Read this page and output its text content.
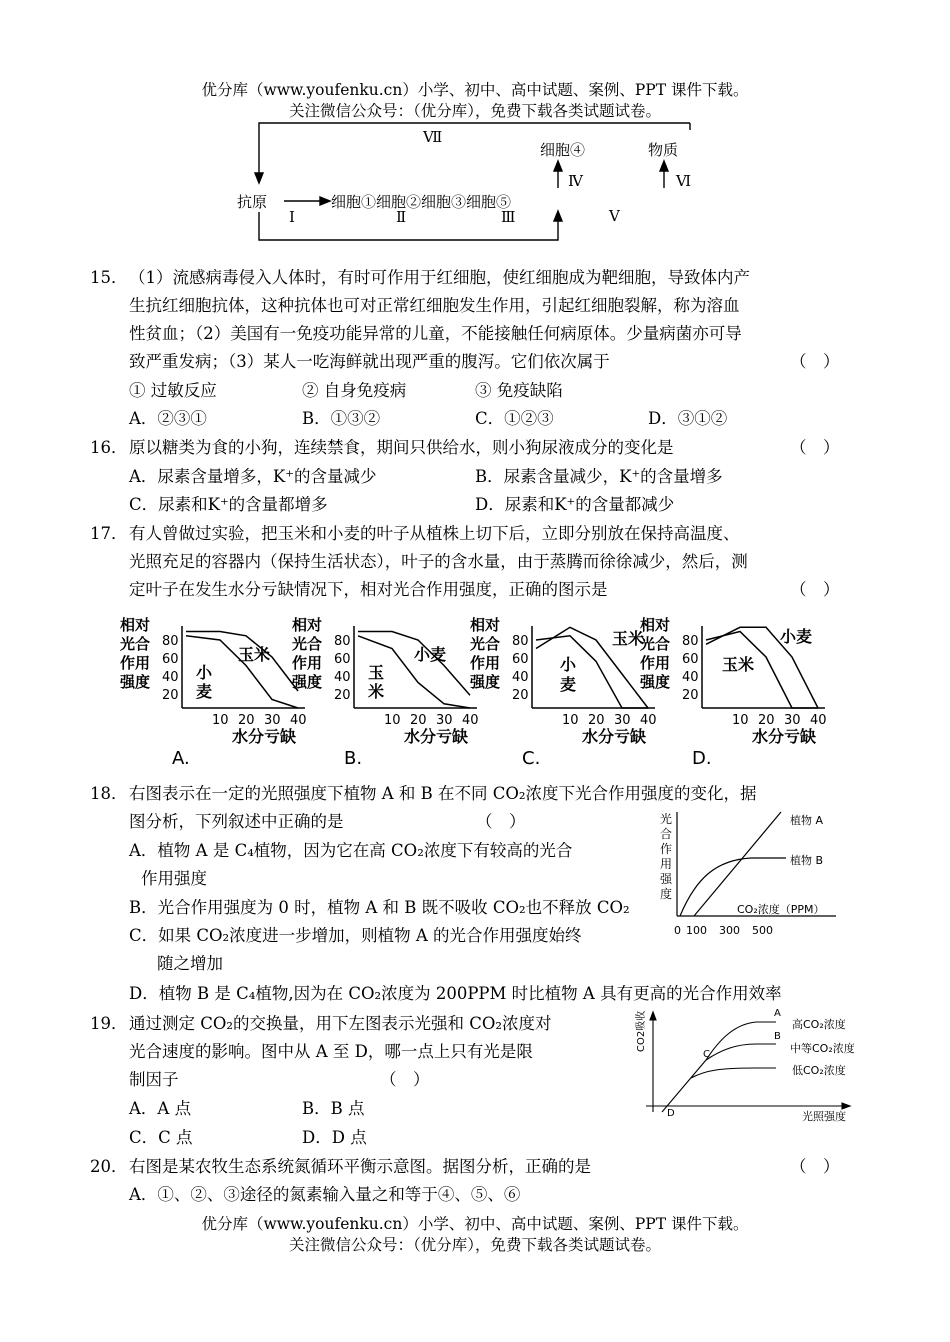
优分库（www.youfenku.cn）小学、初中、高中试题、案例、PPT 课件下载。
关注微信公众号：（优分库），免费下载各类试题试卷。
抗原	细胞①细胞②细胞③细胞⑤
细胞④	物质
Ⅶ
Ⅰ	Ⅱ	Ⅲ
Ⅳ
Ⅴ
Ⅵ
15． （1）流感病毒侵入人体时，有时可作用于红细胞，使红细胞成为靶细胞，导致体内产
生抗红细胞抗体，这种抗体也可对正常红细胞发生作用，引起红细胞裂解，称为溶血
性贫血；（2）美国有一免疫功能异常的儿童，不能接触任何病原体。少量病菌亦可导
致严重发病；（3）某人一吃海鲜就出现严重的腹泻。它们依次属于	（　）
① 过敏反应	② 自身免疫病	③ 免疫缺陷
A．②③①	B．①③②	C．①②③	D．③①②
16． 原以糖类为食的小狗，连续禁食，期间只供给水，则小狗尿液成分的变化是	（　）
A．尿素含量增多，K⁺的含量减少	B．尿素含量减少，K⁺的含量增多
C．尿素和K⁺的含量都增多	D．尿素和K⁺的含量都减少
17． 有人曾做过实验，把玉米和小麦的叶子从植株上切下后，立即分别放在保持高温度、
光照充足的容器内（保持生活状态），叶子的含水量，由于蒸腾而徐徐减少，然后，测
定叶子在发生水分亏缺情况下，相对光合作用强度，正确的图示是	（　）
相对
光合
作用
强度
80
60
40
20
10 20 30 40
水分亏缺
A.
玉米
小
麦
相对
光合
作用
强度
80
60
40
20
10 20 30 40
水分亏缺
B.
小麦
玉
米
相对
光合
作用
强度
80
60
40
20
10 20 30 40
水分亏缺
C.
玉米
小
麦
相对
光合
作用
强度
80
60
40
20
10 20 30 40
水分亏缺
D.
小麦
玉米
18． 右图表示在一定的光照强度下植物 A 和 B 在不同 CO₂浓度下光合作用强度的变化，据
图分析，下列叙述中正确的是	（　）
A．植物 A 是 C₄植物，因为它在高 CO₂浓度下有较高的光合
作用强度
B．光合作用强度为 0 时，植物 A 和 B 既不吸收 CO₂也不释放 CO₂
C．如果 CO₂浓度进一步增加，则植物 A 的光合作用强度始终
随之增加
D．植物 B 是 C₄植物,因为在 CO₂浓度为 200PPM 时比植物 A 具有更高的光合作用效率
光合作用强度
植物 A
植物 B
CO₂浓度（PPM）
0 100 300 500
19． 通过测定 CO₂的交换量，用下左图表示光强和 CO₂浓度对
光合速度的影响。图中从 A 至 D，哪一点上只有光是限
制因子	（　）
A．A 点	B．B 点
C．C 点	D．D 点
CO2吸收	A
B
C
D
高CO₂浓度
中等CO₂浓度
低CO₂浓度
光照强度
20． 右图是某农牧生态系统氮循环平衡示意图。据图分析，正确的是	（　）
A．①、②、③途径的氮素输入量之和等于④、⑤、⑥
优分库（www.youfenku.cn）小学、初中、高中试题、案例、PPT 课件下载。
关注微信公众号：（优分库），免费下载各类试题试卷。
